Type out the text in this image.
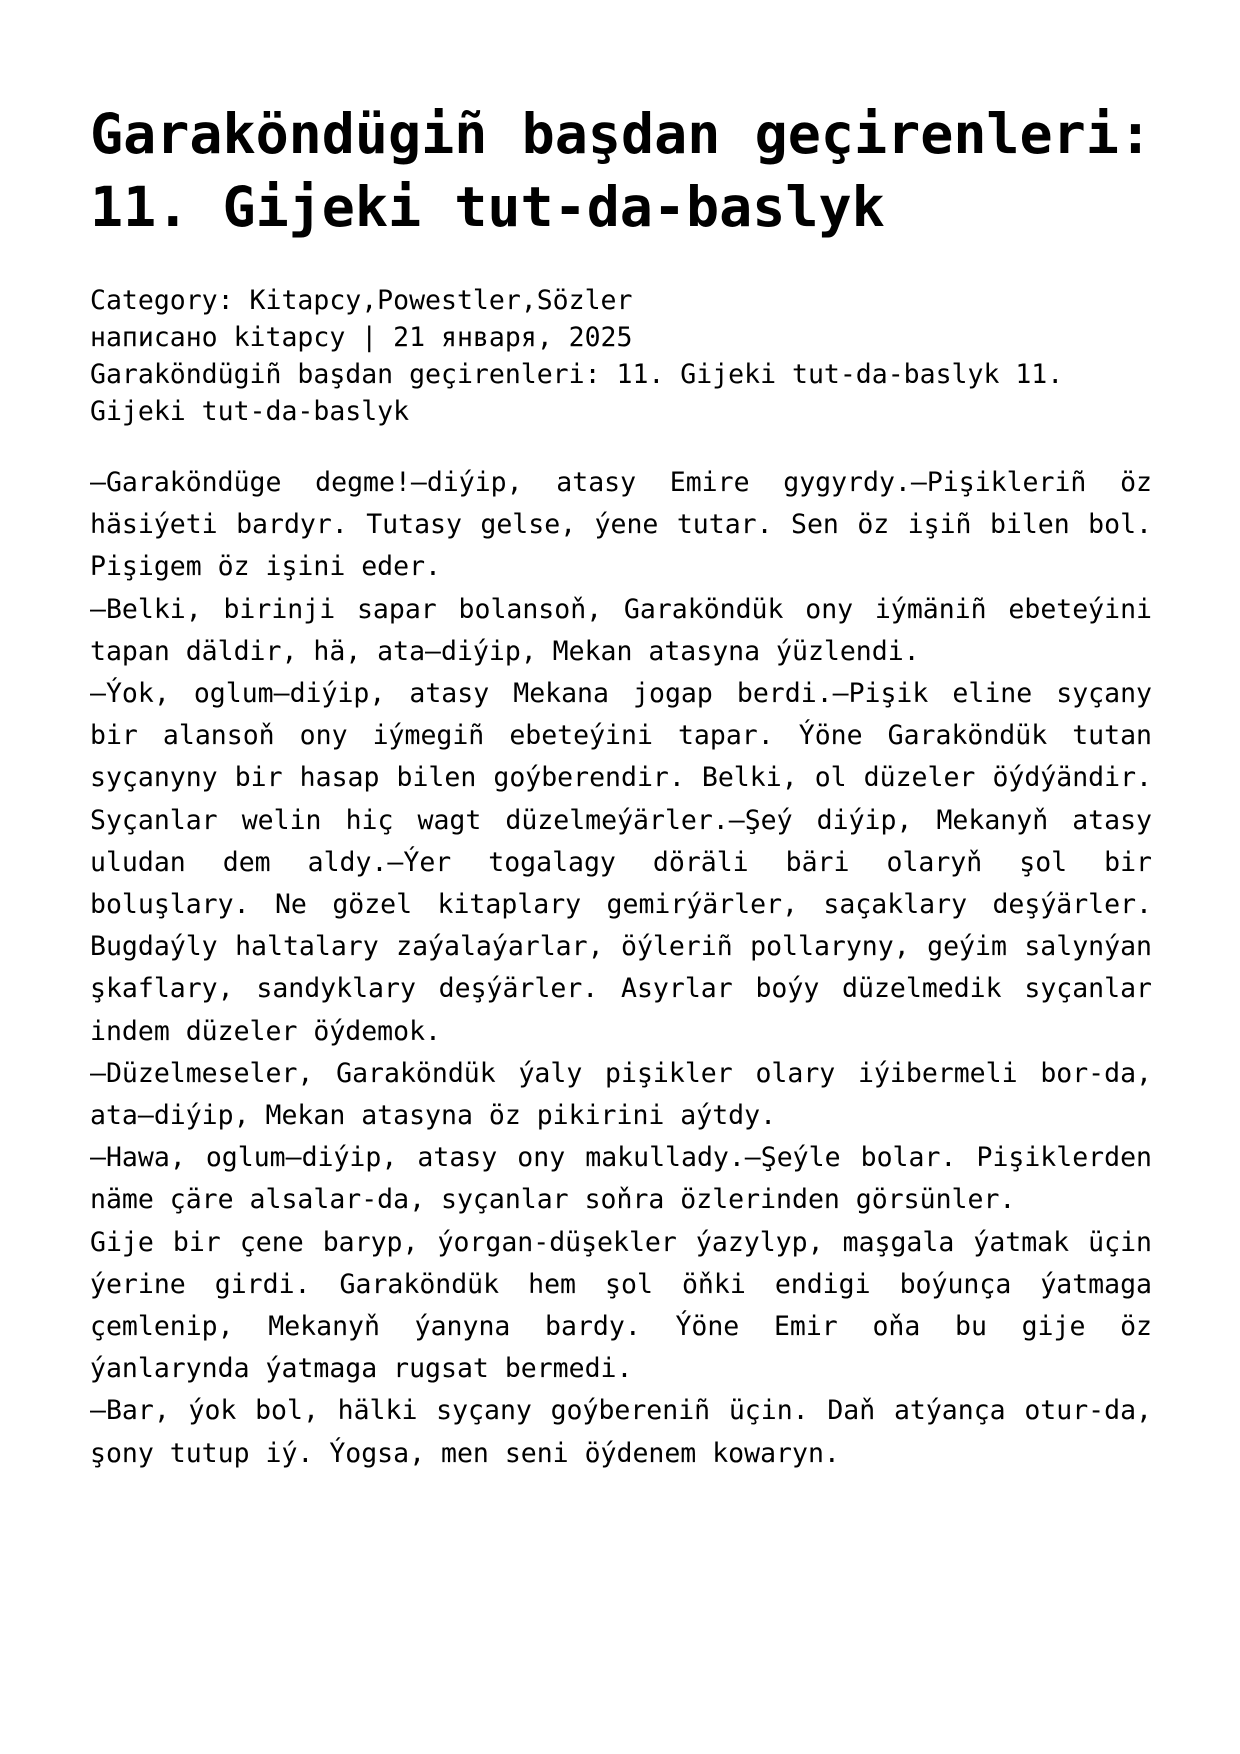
Garaköndügiñ başdan geçirenleri: 11. Gijeki tut-da-baslyk
Category: Kitapcy,Powestler,Sözler
написано kitapcy | 21 января, 2025
Garaköndügiñ başdan geçirenleri: 11. Gijeki tut-da-baslyk 11. Gijeki tut-da-baslyk

—Garaköndüge degme!—diýip, atasy Emire gygyrdy.—Pişikleriñ öz häsiýeti bardyr. Tutasy gelse, ýene tutar. Sen öz işiñ bilen bol. Pişigem öz işini eder.

—Belki, birinji sapar bolansoň, Garaköndük ony iýmäniñ ebeteýini tapan däldir, hä, ata—diýip, Mekan atasyna ýüzlendi.

—Ýok, oglum—diýip, atasy Mekana jogap berdi.—Pişik eline syçany bir alansoň ony iýmegiñ ebeteýini tapar. Ýöne Garaköndük tutan syçanyny bir hasap bilen goýberendir. Belki, ol düzeler öýdýändir. Syçanlar welin hiç wagt düzelmeýärler.—Şeý diýip, Mekanyň atasy uludan dem aldy.—Ýer togalagy döräli bäri olaryň şol bir boluşlary. Ne gözel kitaplary gemirýärler, saçaklary deşýärler. Bugdaýly haltalary zaýalaýarlar, öýleriñ pollaryny, geýim salynýan şkaflary, sandyklary deşýärler. Asyrlar boýy düzelmedik syçanlar indem düzeler öýdemok.

—Düzelmeseler, Garaköndük ýaly pişikler olary iýibermeli bor-da, ata—diýip, Mekan atasyna öz pikirini aýtdy.

—Hawa, oglum—diýip, atasy ony makullady.—Şeýle bolar. Pişiklerden näme çäre alsalar-da, syçanlar soňra özlerinden görsünler.

Gije bir çene baryp, ýorgan-düşekler ýazylyp, maşgala ýatmak üçin ýerine girdi. Garaköndük hem şol öňki endigi boýunça ýatmaga çemlenip, Mekanyň ýanyna bardy. Ýöne Emir oňa bu gije öz ýanlarynda ýatmaga rugsat bermedi.

—Bar, ýok bol, hälki syçany goýbereniñ üçin. Daň atýança otur-da, şony tutup iý. Ýogsa, men seni öýdenem kowaryn.
